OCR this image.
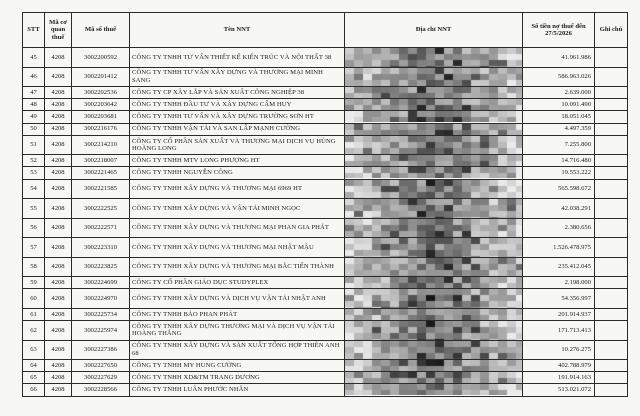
STT	Mã cơ quan thuế	Mã số thuế	Tên NNT	Địa chỉ NNT	Số tiền nợ thuế đến 27/5/2026	Ghi chú
45	4208	3002200592	CÔNG TY TNHH TƯ VẤN THIẾT KẾ KIẾN TRÚC VÀ NỘI THẤT 38		41.961.986	
46	4208	3002201412	CÔNG TY TNHH TƯ VẤN XÂY DỰNG VÀ THƯƠNG MẠI MINH SANG		586.963.026	
47	4208	3002202536	CÔNG TY CP XÂY LẮP VÀ SẢN XUẤT CÔNG NGHIỆP 38		2.639.000	
48	4208	3002203642	CÔNG TY TNHH ĐẦU TƯ VÀ XÂY DỰNG CẨM HUY		10.091.490	
49	4208	3002203681	CÔNG TY TNHH TƯ VẤN VÀ XÂY DỰNG TRƯỜNG SƠN HT		18.051.045	
50	4208	3002216176	CÔNG TY TNHH VẬN TẢI VÀ SAN LẤP MẠNH CƯỜNG		4.497.359	
51	4208	3002214210	CÔNG TY CỔ PHẦN SẢN XUẤT VÀ THƯƠNG MẠI DỊCH VỤ HÙNG HOÀNG LONG		7.255.800	
52	4208	3002218007	CÔNG TY TNHH MTV LONG PHƯỢNG HT		14.716.480	
53	4208	3002221465	CÔNG TY TNHH NGUYỄN CÔNG		19.553.222	
54	4208	3002221585	CÔNG TY TNHH XÂY DỰNG VÀ THƯƠNG MẠI 6969 HT		565.598.672	
55	4208	3002222525	CÔNG TY TNHH XÂY DỰNG VÀ VẬN TẢI MINH NGỌC		42.038.291	
56	4208	3002222571	CÔNG TY TNHH XÂY DỰNG VÀ THƯƠNG MẠI PHAN GIA PHÁT		2.380.656	
57	4208	3002223310	CÔNG TY TNHH XÂY DỰNG VÀ THƯƠNG MẠI NHẬT MẬU		1.526.478.975	
58	4208	3002223825	CÔNG TY TNHH XÂY DỰNG VÀ THƯƠNG MẠI BẮC TIẾN THÀNH		235.412.045	
59	4208	3002224699	CÔNG TY CỔ PHẦN GIÁO DỤC STUDYPLEX		2.198.000	
60	4208	3002224970	CÔNG TY TNHH XÂY DỰNG VÀ DỊCH VỤ VẬN TẢI NHẬT ANH		54.356.997	
61	4208	3002225734	CÔNG TY TNHH BẢO PHAN PHÁT		201.914.937	
62	4208	3002225974	CÔNG TY TNHH XÂY DỰNG THƯƠNG MẠI VÀ DỊCH VỤ VẬN TẢI HOÀNG THẮNG		171.713.413	
63	4208	3002227386	CÔNG TY TNHH XÂY DỰNG VÀ SẢN XUẤT TỔNG HỢP THIÊN ANH 68		10.276.275	
64	4208	3002227650	CÔNG TY TNHH MY HUNG CƯỜNG		402.788.979	
65	4208	3002227629	CÔNG TY TNHH XD&TM TRANG DƯƠNG		191.914.163	
66	4208	3002228566	CÔNG TY TNHH LUÂN PHƯỚC NHÂN		513.021.072	
